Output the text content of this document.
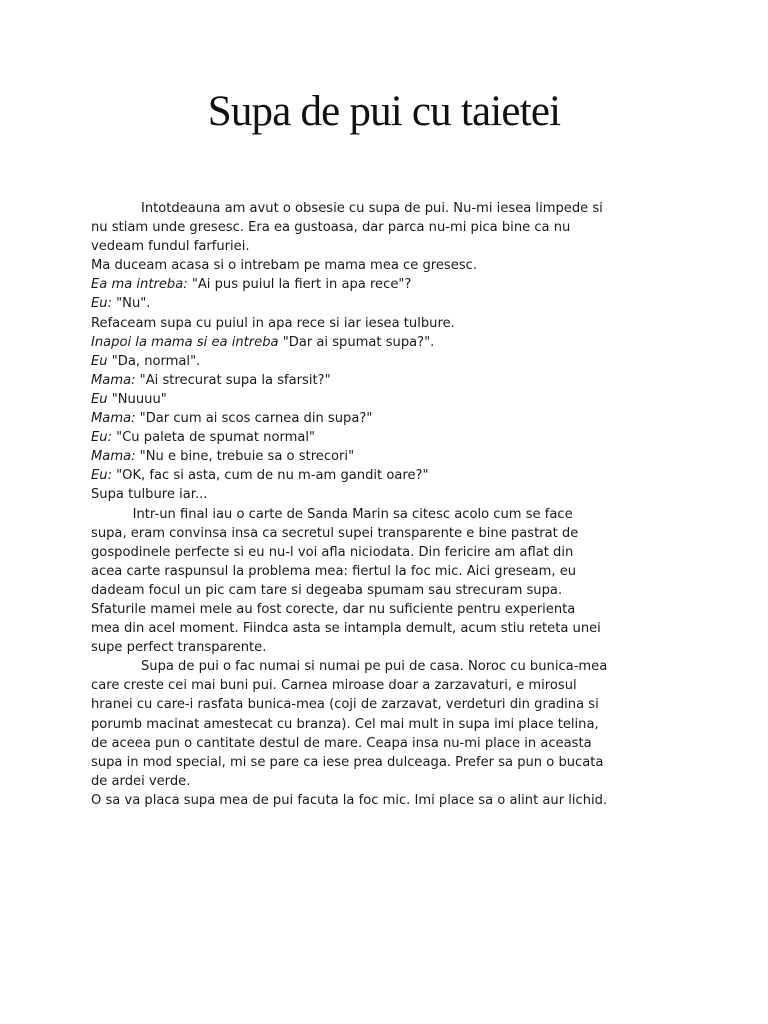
Supa de pui cu taietei
Intotdeauna am avut o obsesie cu supa de pui. Nu-mi iesea limpede si
nu stiam unde gresesc. Era ea gustoasa, dar parca nu-mi pica bine ca nu
vedeam fundul farfuriei.
Ma duceam acasa si o intrebam pe mama mea ce gresesc.
Ea ma intreba: "Ai pus puiul la fiert in apa rece"?
Eu: "Nu".
Refaceam supa cu puiul in apa rece si iar iesea tulbure.
Inapoi la mama si ea intreba "Dar ai spumat supa?".
Eu "Da, normal".
Mama: "Ai strecurat supa la sfarsit?"
Eu "Nuuuu"
Mama: "Dar cum ai scos carnea din supa?"
Eu: "Cu paleta de spumat normal"
Mama: "Nu e bine, trebuie sa o strecori"
Eu: "OK, fac si asta, cum de nu m-am gandit oare?"
Supa tulbure iar...
Intr-un final iau o carte de Sanda Marin sa citesc acolo cum se face
supa, eram convinsa insa ca secretul supei transparente e bine pastrat de
gospodinele perfecte si eu nu-l voi afla niciodata. Din fericire am aflat din
acea carte raspunsul la problema mea: fiertul la foc mic. Aici greseam, eu
dadeam focul un pic cam tare si degeaba spumam sau strecuram supa.
Sfaturile mamei mele au fost corecte, dar nu suficiente pentru experienta
mea din acel moment. Fiindca asta se intampla demult, acum stiu reteta unei
supe perfect transparente.
Supa de pui o fac numai si numai pe pui de casa. Noroc cu bunica-mea
care creste cei mai buni pui. Carnea miroase doar a zarzavaturi, e mirosul
hranei cu care-i rasfata bunica-mea (coji de zarzavat, verdeturi din gradina si
porumb macinat amestecat cu branza). Cel mai mult in supa imi place telina,
de aceea pun o cantitate destul de mare. Ceapa insa nu-mi place in aceasta
supa in mod special, mi se pare ca iese prea dulceaga. Prefer sa pun o bucata
de ardei verde.
O sa va placa supa mea de pui facuta la foc mic. Imi place sa o alint aur lichid.
